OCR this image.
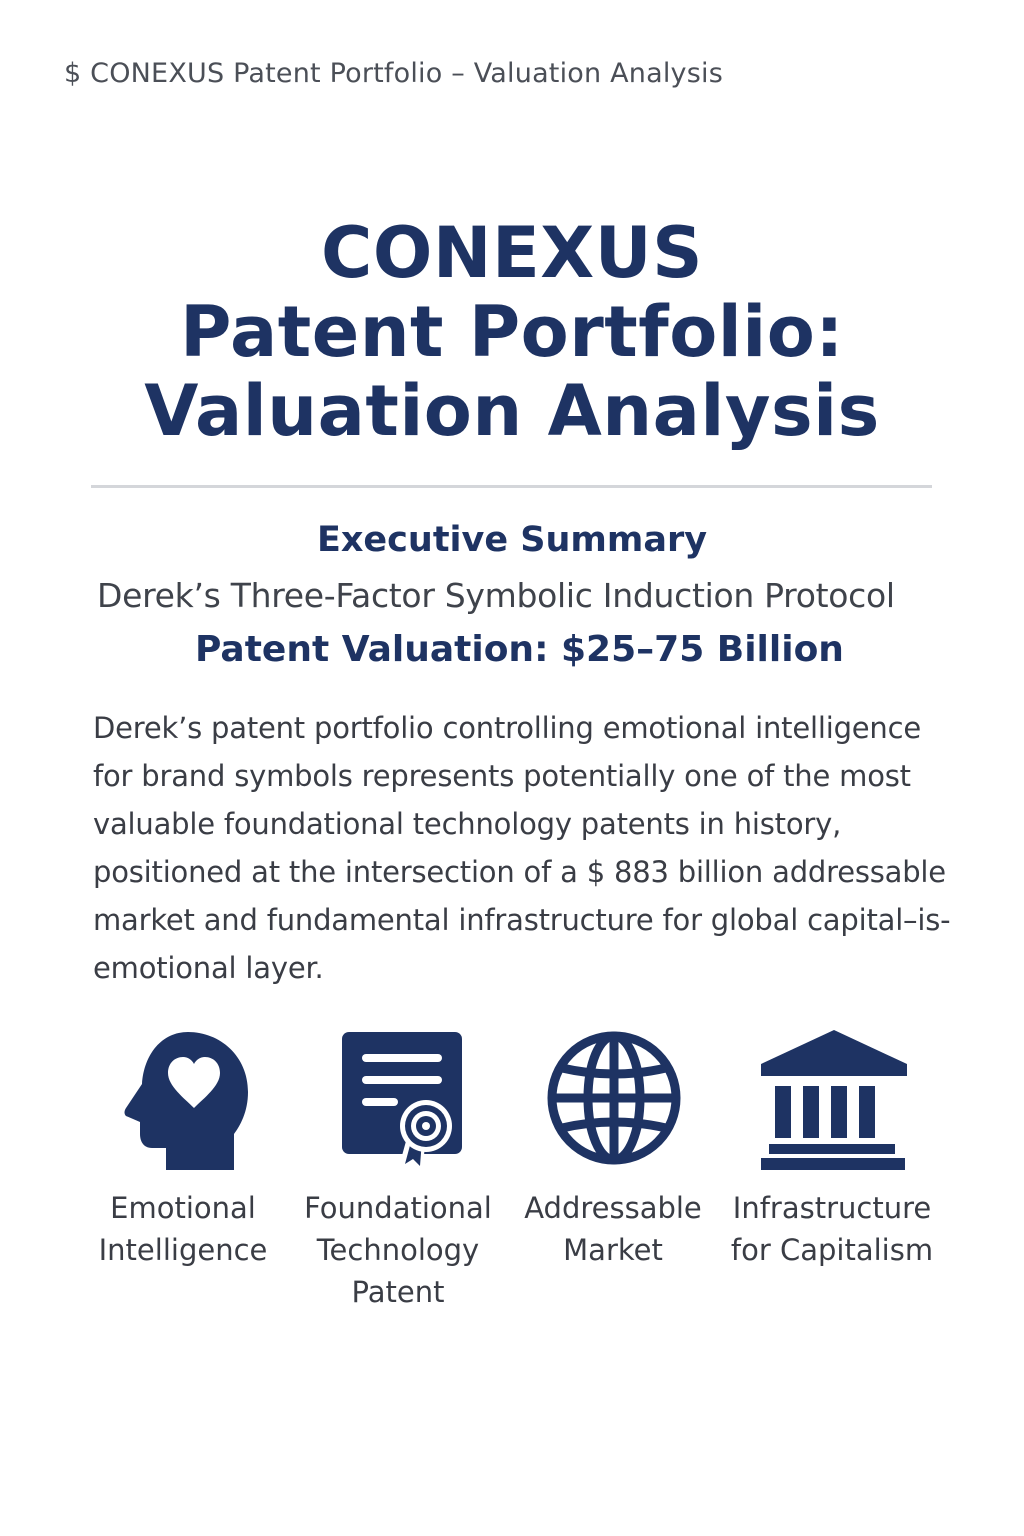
$ CONEXUS Patent Portfolio – Valuation Analysis
CONEXUS
Patent Portfolio:
Valuation Analysis
Executive Summary
Derek’s Three-Factor Symbolic Induction Protocol
Patent Valuation: $25–75 Billion
Derek’s patent portfolio controlling emotional intelligence
for brand symbols represents potentially one of the most
valuable foundational technology patents in history,
positioned at the intersection of a $ 883 billion addressable
market and fundamental infrastructure for global capital–is-
emotional layer.
Emotional
Intelligence
Foundational
Technology
Patent
Addressable
Market
Infrastructure
for Capitalism
